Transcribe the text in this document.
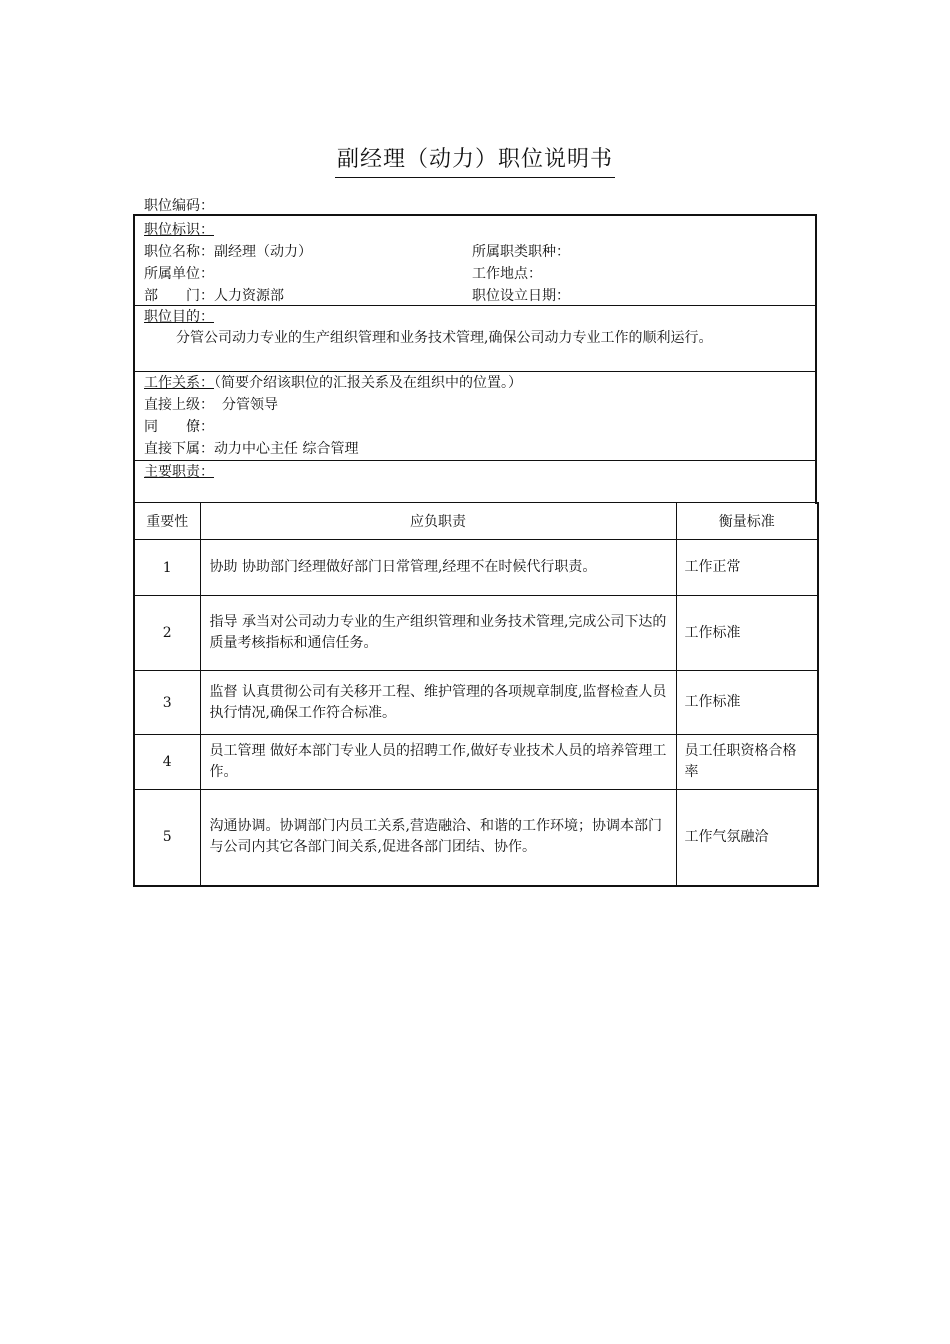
副经理（动力）职位说明书
职位编码：
职位标识：
职位名称：副经理（动力）	所属职类职种：
所属单位：	工作地点：
部　　门：人力资源部	职位设立日期：
职位目的：
分管公司动力专业的生产组织管理和业务技术管理,确保公司动力专业工作的顺利运行。
工作关系：（简要介绍该职位的汇报关系及在组织中的位置。）
直接上级： 分管领导
同　　僚：
直接下属：动力中心主任 综合管理
主要职责：
重要性	应负职责	衡量标准
1	协助 协助部门经理做好部门日常管理,经理不在时候代行职责。	工作正常
2	指导 承当对公司动力专业的生产组织管理和业务技术管理,完成公司下达的质量考核指标和通信任务。	工作标准
3	监督 认真贯彻公司有关移开工程、维护管理的各项规章制度,监督检查人员执行情况,确保工作符合标准。	工作标准
4	员工管理 做好本部门专业人员的招聘工作,做好专业技术人员的培养管理工作。	员工任职资格合格率
5	沟通协调。协调部门内员工关系,营造融洽、和谐的工作环境；协调本部门与公司内其它各部门间关系,促进各部门团结、协作。	工作气氛融洽
